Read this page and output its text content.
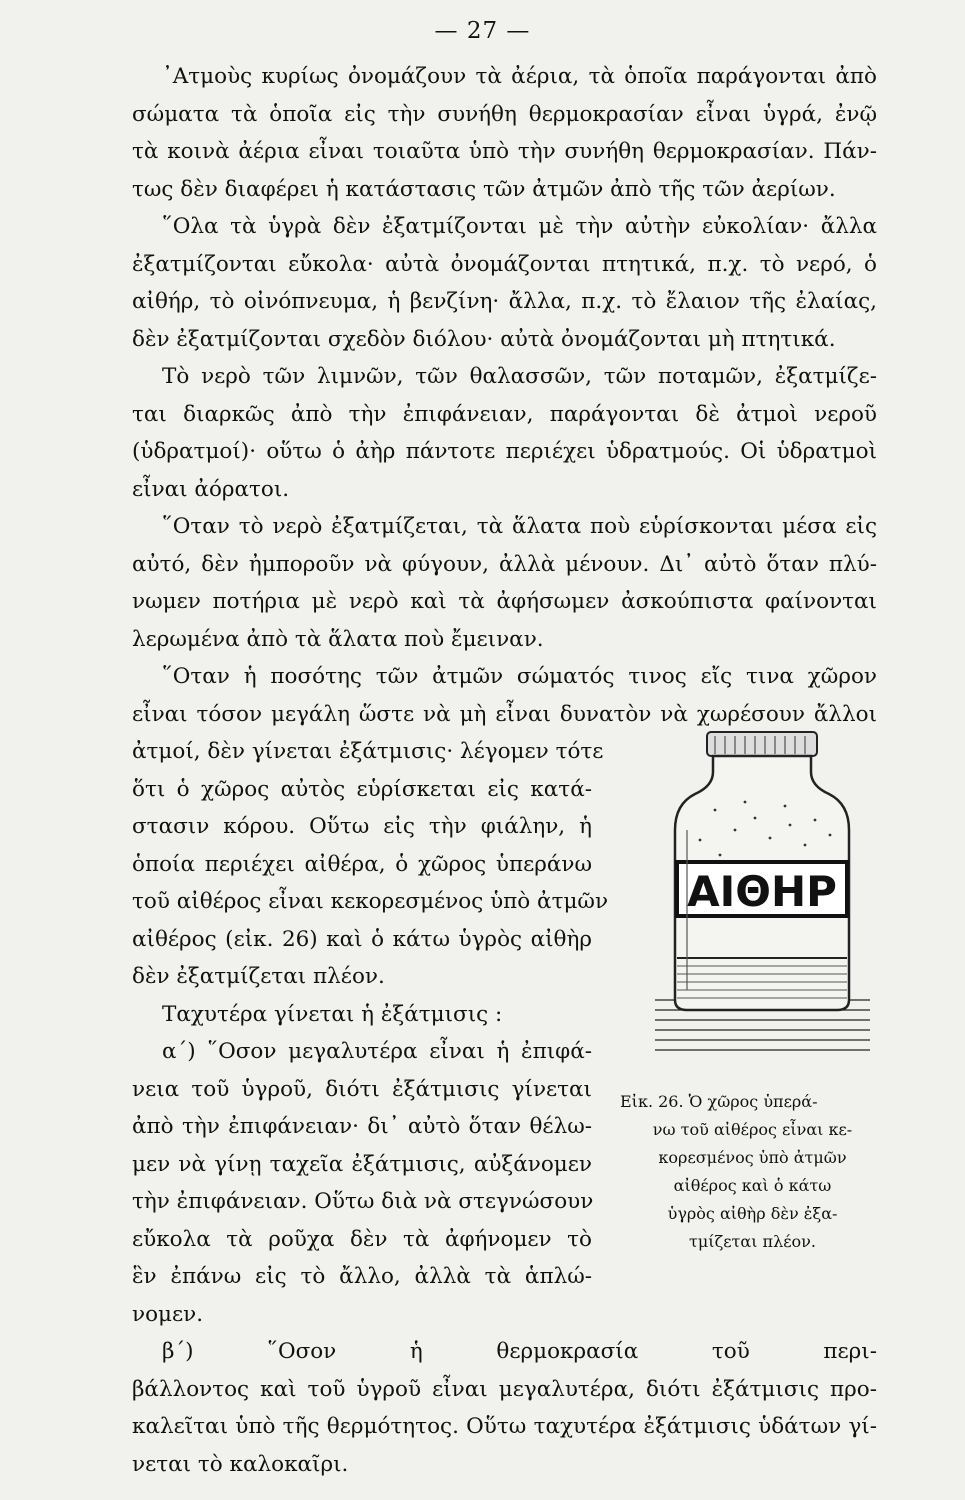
— 27 —
᾿Ατμοὺς κυρίως ὀνομάζουν τὰ ἀέρια, τὰ ὁποῖα παράγονται ἀπὸ
σώματα τὰ ὁποῖα εἰς τὴν συνήθη θερμοκρασίαν εἶναι ὑγρά, ἐνῷ
τὰ κοινὰ ἀέρια εἶναι τοιαῦτα ὑπὸ τὴν συνήθη θερμοκρασίαν. Πάν-
τως δὲν διαφέρει ἡ κατάστασις τῶν ἀτμῶν ἀπὸ τῆς τῶν ἀερίων.
῞Ολα τὰ ὑγρὰ δὲν ἐξατμίζονται μὲ τὴν αὐτὴν εὐκολίαν· ἄλλα
ἐξατμίζονται εὔκολα· αὐτὰ ὀνομάζονται πτητικά, π.χ. τὸ νερό, ὁ
αἰθήρ, τὸ οἰνόπνευμα, ἡ βενζίνη· ἄλλα, π.χ. τὸ ἔλαιον τῆς ἐλαίας,
δὲν ἐξατμίζονται σχεδὸν διόλου· αὐτὰ ὀνομάζονται μὴ πτητικά.
Τὸ νερὸ τῶν λιμνῶν, τῶν θαλασσῶν, τῶν ποταμῶν, ἐξατμίζε-
ται διαρκῶς ἀπὸ τὴν ἐπιφάνειαν, παράγονται δὲ ἀτμοὶ νεροῦ
(ὑδρατμοί)· οὕτω ὁ ἀὴρ πάντοτε περιέχει ὑδρατμούς. Οἱ ὑδρατμοὶ
εἶναι ἀόρατοι.
῞Οταν τὸ νερὸ ἐξατμίζεται, τὰ ἅλατα ποὺ εὑρίσκονται μέσα εἰς
αὐτό, δὲν ἠμποροῦν νὰ φύγουν, ἀλλὰ μένουν. Δι᾿ αὐτὸ ὅταν πλύ-
νωμεν ποτήρια μὲ νερὸ καὶ τὰ ἀφήσωμεν ἀσκούπιστα φαίνονται
λερωμένα ἀπὸ τὰ ἅλατα ποὺ ἔμειναν.
῞Οταν ἡ ποσότης τῶν ἀτμῶν σώματός τινος εἴς τινα χῶρον
εἶναι τόσον μεγάλη ὥστε νὰ μὴ εἶναι δυνατὸν νὰ χωρέσουν ἄλλοι
ἀτμοί, δὲν γίνεται ἐξάτμισις· λέγομεν τότε
ὅτι ὁ χῶρος αὐτὸς εὑρίσκεται εἰς κατά-
στασιν κόρου. Οὕτω εἰς τὴν φιάλην, ἡ
ὁποία περιέχει αἰθέρα, ὁ χῶρος ὑπεράνω
τοῦ αἰθέρος εἶναι κεκορεσμένος ὑπὸ ἀτμῶν
αἰθέρος (εἰκ. 26) καὶ ὁ κάτω ὑγρὸς αἰθὴρ
δὲν ἐξατμίζεται πλέον.
Ταχυτέρα γίνεται ἡ ἐξάτμισις :
α΄) ῞Οσον μεγαλυτέρα εἶναι ἡ ἐπιφά-
νεια τοῦ ὑγροῦ, διότι ἐξάτμισις γίνεται
ἀπὸ τὴν ἐπιφάνειαν· δι᾿ αὐτὸ ὅταν θέλω-
μεν νὰ γίνῃ ταχεῖα ἐξάτμισις, αὐξάνομεν
τὴν ἐπιφάνειαν. Οὕτω διὰ νὰ στεγνώσουν
εὔκολα τὰ ροῦχα δὲν τὰ ἀφήνομεν τὸ
ἓν ἐπάνω εἰς τὸ ἄλλο, ἀλλὰ τὰ ἁπλώ-
νομεν.
β΄) ῞Οσον ἡ θερμοκρασία τοῦ περι-
βάλλοντος καὶ τοῦ ὑγροῦ εἶναι μεγαλυτέρα, διότι ἐξάτμισις προ-
καλεῖται ὑπὸ τῆς θερμότητος. Οὕτω ταχυτέρα ἐξάτμισις ὑδάτων γί-
νεται τὸ καλοκαῖρι.
ΑΙΘΗΡ
Εἰκ. 26. Ὁ χῶρος ὑπερά-
νω τοῦ αἰθέρος εἶναι κε-
κορεσμένος ὑπὸ ἀτμῶν
αἰθέρος καὶ ὁ κάτω
ὑγρὸς αἰθὴρ δὲν ἐξα-
τμίζεται πλέον.
